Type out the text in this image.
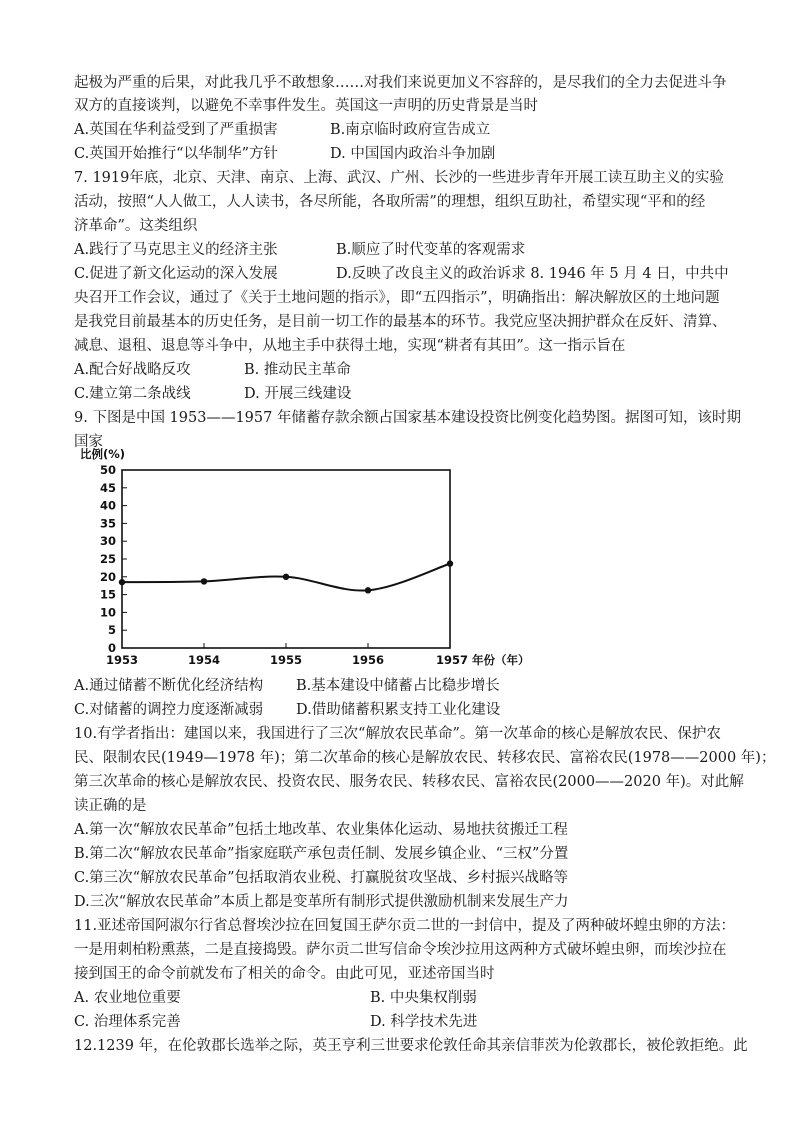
起极为严重的后果，对此我几乎不敢想象……对我们来说更加义不容辞的，是尽我们的全力去促进斗争
双方的直接谈判，以避免不幸事件发生。英国这一声明的历史背景是当时
A.英国在华利益受到了严重损害	B.南京临时政府宣告成立
C.英国开始推行“以华制华”方针	D. 中国国内政治斗争加剧
7. 1919年底，北京、天津、南京、上海、武汉、广州、长沙的一些进步青年开展工读互助主义的实验
活动，按照“人人做工，人人读书，各尽所能，各取所需”的理想，组织互助社，希望实现“平和的经
济革命”。这类组织
A.践行了马克思主义的经济主张	B.顺应了时代变革的客观需求
C.促进了新文化运动的深入发展	D.反映了改良主义的政治诉求 8. 1946 年 5 月 4 日，中共中
央召开工作会议，通过了《关于土地问题的指示》，即“五四指示”，明确指出：解决解放区的土地问题
是我党目前最基本的历史任务，是目前一切工作的最基本的环节。我党应坚决拥护群众在反奸、清算、
减息、退租、退息等斗争中，从地主手中获得土地，实现“耕者有其田”。这一指示旨在
A.配合好战略反攻	B. 推动民主革命
C.建立第二条战线	D. 开展三线建设
9. 下图是中国 1953——1957 年储蓄存款余额占国家基本建设投资比例变化趋势图。据图可知，该时期
国家
比例(%)
0
5
10
15
20
25
30
35
40
45
50
1953	1954	1955	1956	1957 年份（年）
A.通过储蓄不断优化经济结构 B.基本建设中储蓄占比稳步增长
C.对储蓄的调控力度逐渐减弱 D.借助储蓄积累支持工业化建设
10.有学者指出：建国以来，我国进行了三次“解放农民革命”。第一次革命的核心是解放农民、保护农
民、限制农民(1949—1978 年)；第二次革命的核心是解放农民、转移农民、富裕农民(1978——2000 年)；
第三次革命的核心是解放农民、投资农民、服务农民、转移农民、富裕农民(2000——2020 年)。对此解
读正确的是
A.第一次“解放农民革命”包括土地改革、农业集体化运动、易地扶贫搬迁工程
B.第二次“解放农民革命”指家庭联产承包责任制、发展乡镇企业、“三权”分置
C.第三次“解放农民革命”包括取消农业税、打赢脱贫攻坚战、乡村振兴战略等
D.三次“解放农民革命”本质上都是变革所有制形式提供激励机制来发展生产力
11.亚述帝国阿淑尔行省总督埃沙拉在回复国王萨尔贡二世的一封信中，提及了两种破坏蝗虫卵的方法：
一是用刺柏粉熏蒸，二是直接捣毁。萨尔贡二世写信命令埃沙拉用这两种方式破坏蝗虫卵，而埃沙拉在
接到国王的命令前就发布了相关的命令。由此可见，亚述帝国当时
A. 农业地位重要	B. 中央集权削弱
C. 治理体系完善	D. 科学技术先进
12.1239 年，在伦敦郡长选举之际，英王亨利三世要求伦敦任命其亲信菲茨为伦敦郡长，被伦敦拒绝。此
